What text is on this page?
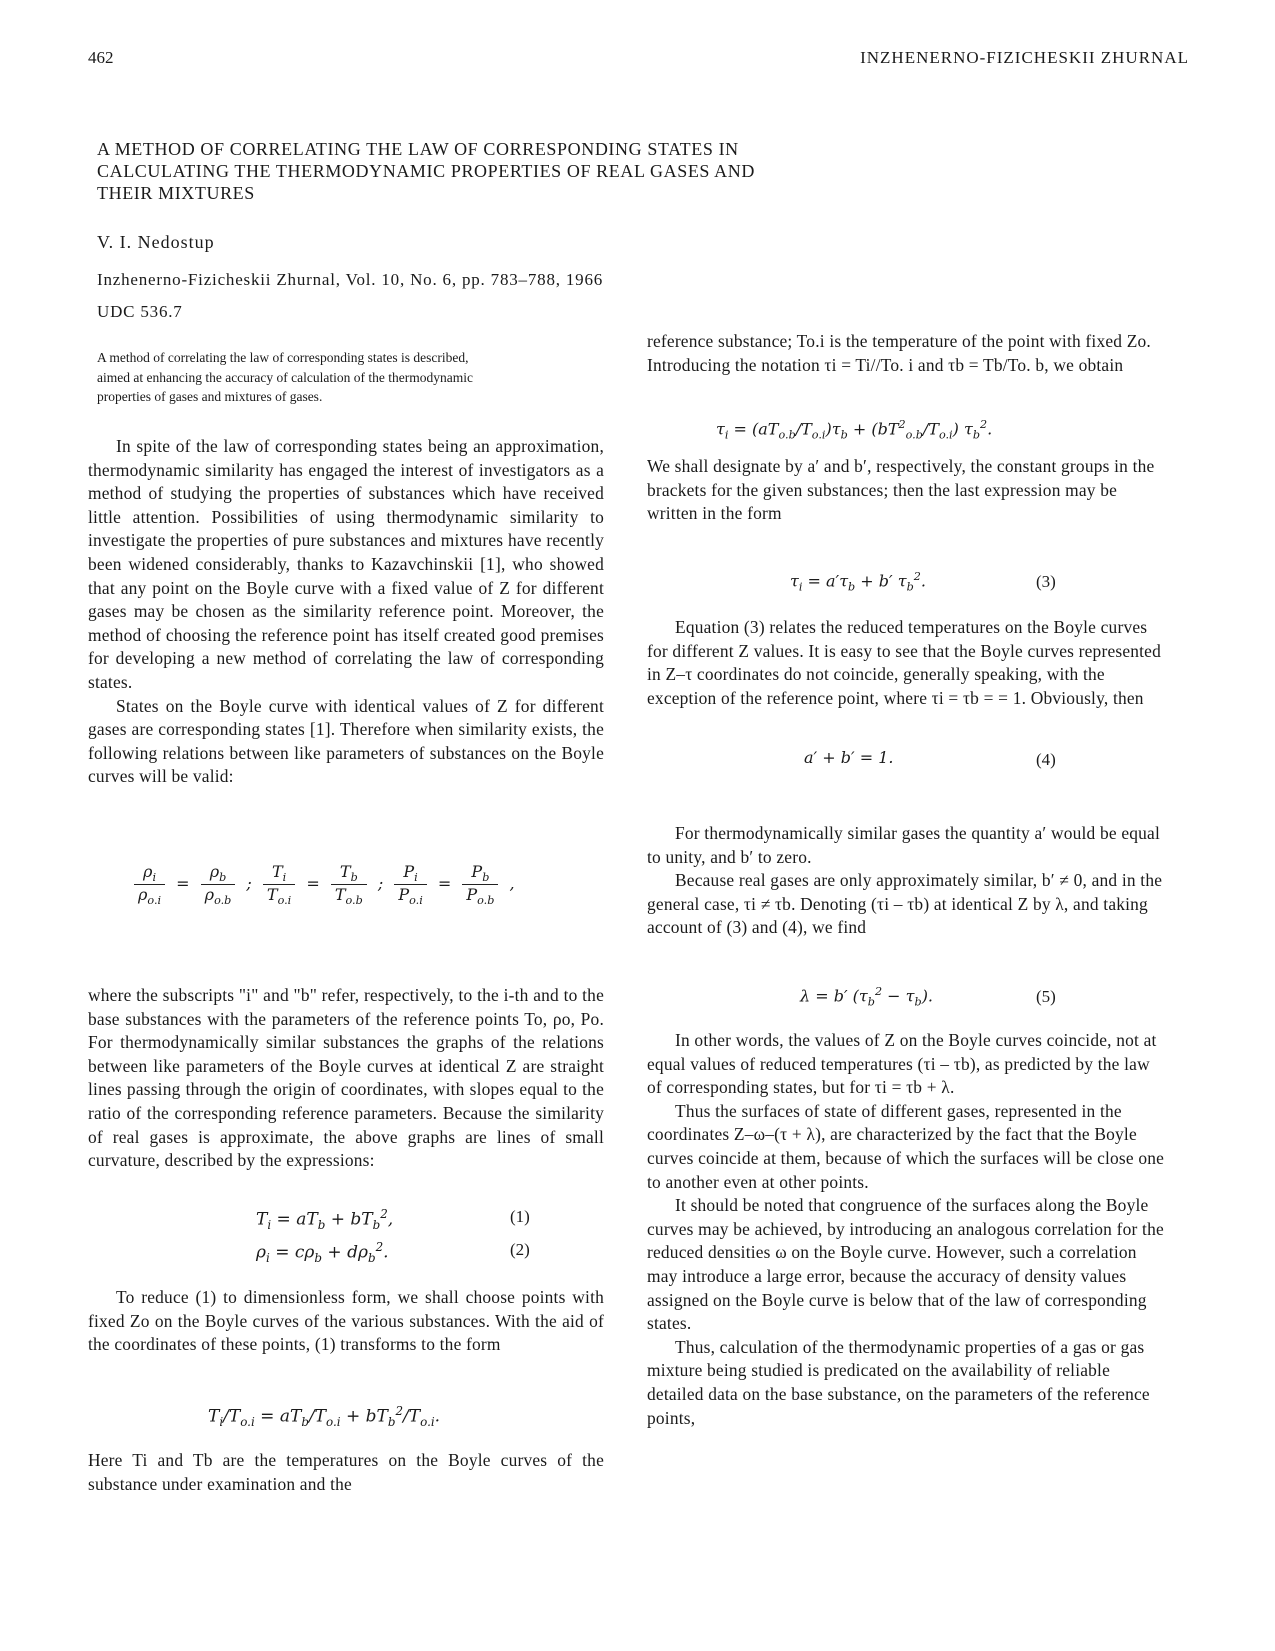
462	INZHENERNO-FIZICHESKII ZHURNAL
A METHOD OF CORRELATING THE LAW OF CORRESPONDING STATES IN
CALCULATING THE THERMODYNAMIC PROPERTIES OF REAL GASES AND
THEIR MIXTURES
V. I. Nedostup
Inzhenerno-Fizicheskii Zhurnal, Vol. 10, No. 6, pp. 783–788, 1966
UDC 536.7
A method of correlating the law of corresponding states is described,
aimed at enhancing the accuracy of calculation of the thermodynamic
properties of gases and mixtures of gases.

In spite of the law of corresponding states being an approximation, thermodynamic similarity has engaged the interest of investigators as a method of studying the properties of substances which have received little attention. Possibilities of using thermodynamic similarity to investigate the properties of pure substances and mixtures have recently been widened considerably, thanks to Kazavchinskii [1], who showed that any point on the Boyle curve with a fixed value of Z for different gases may be chosen as the similarity reference point. Moreover, the method of choosing the reference point has itself created good premises for developing a new method of correlating the law of corresponding states.

States on the Boyle curve with identical values of Z for different gases are corresponding states [1]. Therefore when similarity exists, the following relations between like parameters of substances on the Boyle curves will be valid:

$\frac{\rho_i}{\rho_{o.i}} = \frac{\rho_b}{\rho_{o.b}}$ ; $\frac{T_i}{T_{o.i}} = \frac{T_b}{T_{o.b}}$ ; $\frac{P_i}{P_{o.i}} = \frac{P_b}{P_{o.b}}$ ,

where the subscripts "i" and "b" refer, respectively, to the i-th and to the base substances with the parameters of the reference points To, ρo, Po. For thermodynamically similar substances the graphs of the relations between like parameters of the Boyle curves at identical Z are straight lines passing through the origin of coordinates, with slopes equal to the ratio of the corresponding reference parameters. Because the similarity of real gases is approximate, the above graphs are lines of small curvature, described by the expressions:

$T_i = aT_b + bT_b^2$,	(1)
$\rho_i = c\rho_b + d\rho_b^2$.	(2)

To reduce (1) to dimensionless form, we shall choose points with fixed Zo on the Boyle curves of the various substances. With the aid of the coordinates of these points, (1) transforms to the form

$T_i/T_{o.i} = aT_b/T_{o.i} + bT_b^2/T_{o.i}$.

Here Ti and Tb are the temperatures on the Boyle curves of the substance under examination and the

reference substance; To.i is the temperature of the point with fixed Zo. Introducing the notation τi = Ti//To. i and τb = Tb/To. b, we obtain

$\tau_i = (aT_{o.b}/T_{o.i})\tau_b + (bT^2_{o.b}/T_{o.i})$ $\tau_b^2$.

We shall designate by a′ and b′, respectively, the constant groups in the brackets for the given substances; then the last expression may be written in the form

$\tau_i = a'\tau_b + b'$ $\tau_b^2$.	(3)

Equation (3) relates the reduced temperatures on the Boyle curves for different Z values. It is easy to see that the Boyle curves represented in Z–τ coordinates do not coincide, generally speaking, with the exception of the reference point, where τi = τb = = 1. Obviously, then

a′ + b′ = 1.	(4)

For thermodynamically similar gases the quantity a′ would be equal to unity, and b′ to zero.

Because real gases are only approximately similar, b′ ≠ 0, and in the general case, τi ≠ τb. Denoting (τi – τb) at identical Z by λ, and taking account of (3) and (4), we find

λ = b′ $(\tau_b^2 - \tau_b)$.	(5)

In other words, the values of Z on the Boyle curves coincide, not at equal values of reduced temperatures (τi – τb), as predicted by the law of corresponding states, but for τi = τb + λ.

Thus the surfaces of state of different gases, represented in the coordinates Z–ω–(τ + λ), are characterized by the fact that the Boyle curves coincide at them, because of which the surfaces will be close one to another even at other points.

It should be noted that congruence of the surfaces along the Boyle curves may be achieved, by introducing an analogous correlation for the reduced densities ω on the Boyle curve. However, such a correlation may introduce a large error, because the accuracy of density values assigned on the Boyle curve is below that of the law of corresponding states.

Thus, calculation of the thermodynamic properties of a gas or gas mixture being studied is predicated on the availability of reliable detailed data on the base substance, on the parameters of the reference points,
